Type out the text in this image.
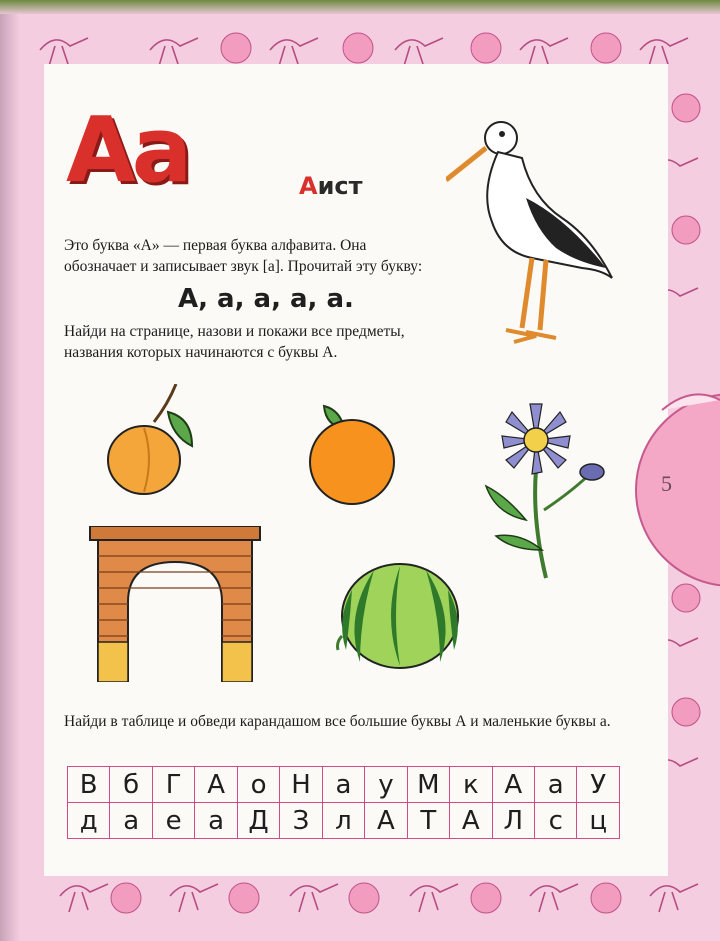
5
Aa	Аист
Это буква «А» — первая буква алфавита. Она обозначает и записывает звук [а]. Прочитай эту букву:
А, а, а, а, а.
Найди на странице, назови и покажи все предметы, названия которых начинаются с буквы А.
Найди в таблице и обведи карандашом все большие буквы А и маленькие буквы а.
В	б	Г	А	о	Н	а	у	М	к	А	а	У
д	а	е	а	Д	З	л	А	Т	А	Л	с	ц
